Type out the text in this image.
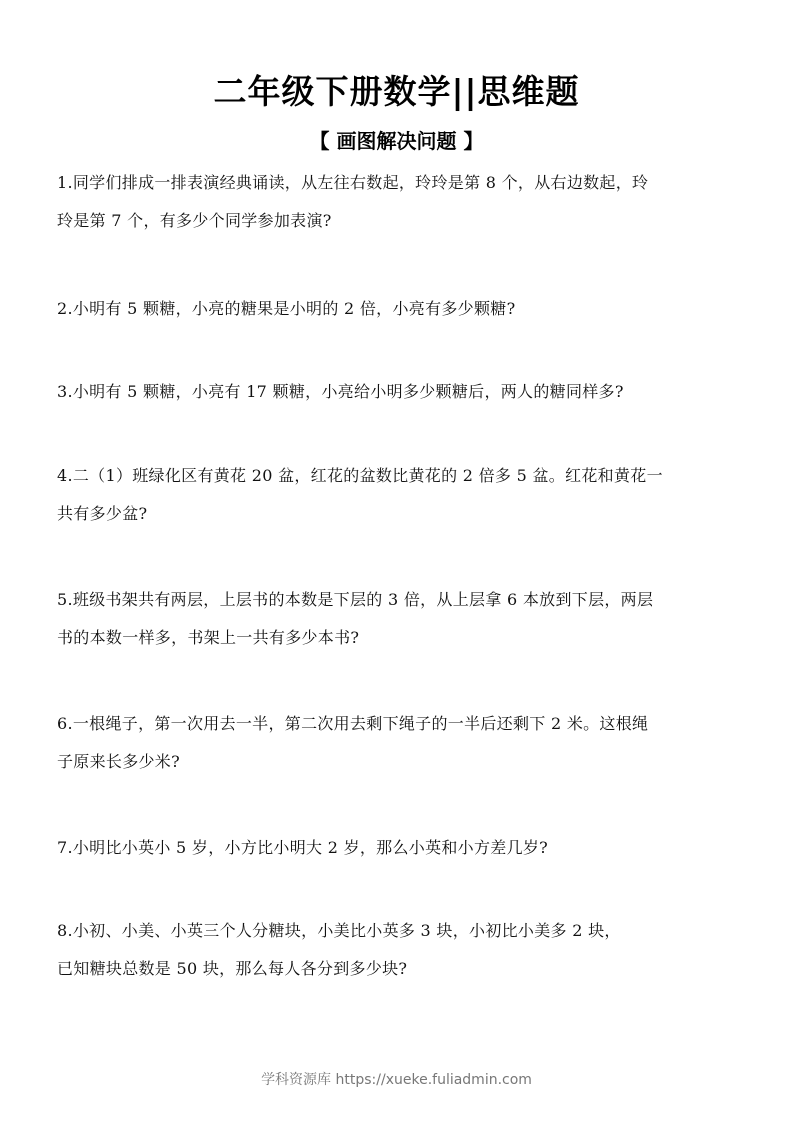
二年级下册数学||思维题
【 画图解决问题 】
1.同学们排成一排表演经典诵读，从左往右数起，玲玲是第 8 个，从右边数起，玲
玲是第 7 个，有多少个同学参加表演?
2.小明有 5 颗糖，小亮的糖果是小明的 2 倍，小亮有多少颗糖?
3.小明有 5 颗糖，小亮有 17 颗糖，小亮给小明多少颗糖后，两人的糖同样多?
4.二（1）班绿化区有黄花 20 盆，红花的盆数比黄花的 2 倍多 5 盆。红花和黄花一
共有多少盆?
5.班级书架共有两层，上层书的本数是下层的 3 倍，从上层拿 6 本放到下层，两层
书的本数一样多，书架上一共有多少本书?
6.一根绳子，第一次用去一半，第二次用去剩下绳子的一半后还剩下 2 米。这根绳
子原来长多少米?
7.小明比小英小 5 岁，小方比小明大 2 岁，那么小英和小方差几岁?
8.小初、小美、小英三个人分糖块，小美比小英多 3 块，小初比小美多 2 块，
已知糖块总数是 50 块，那么每人各分到多少块?
学科资源库 https://xueke.fuliadmin.com
